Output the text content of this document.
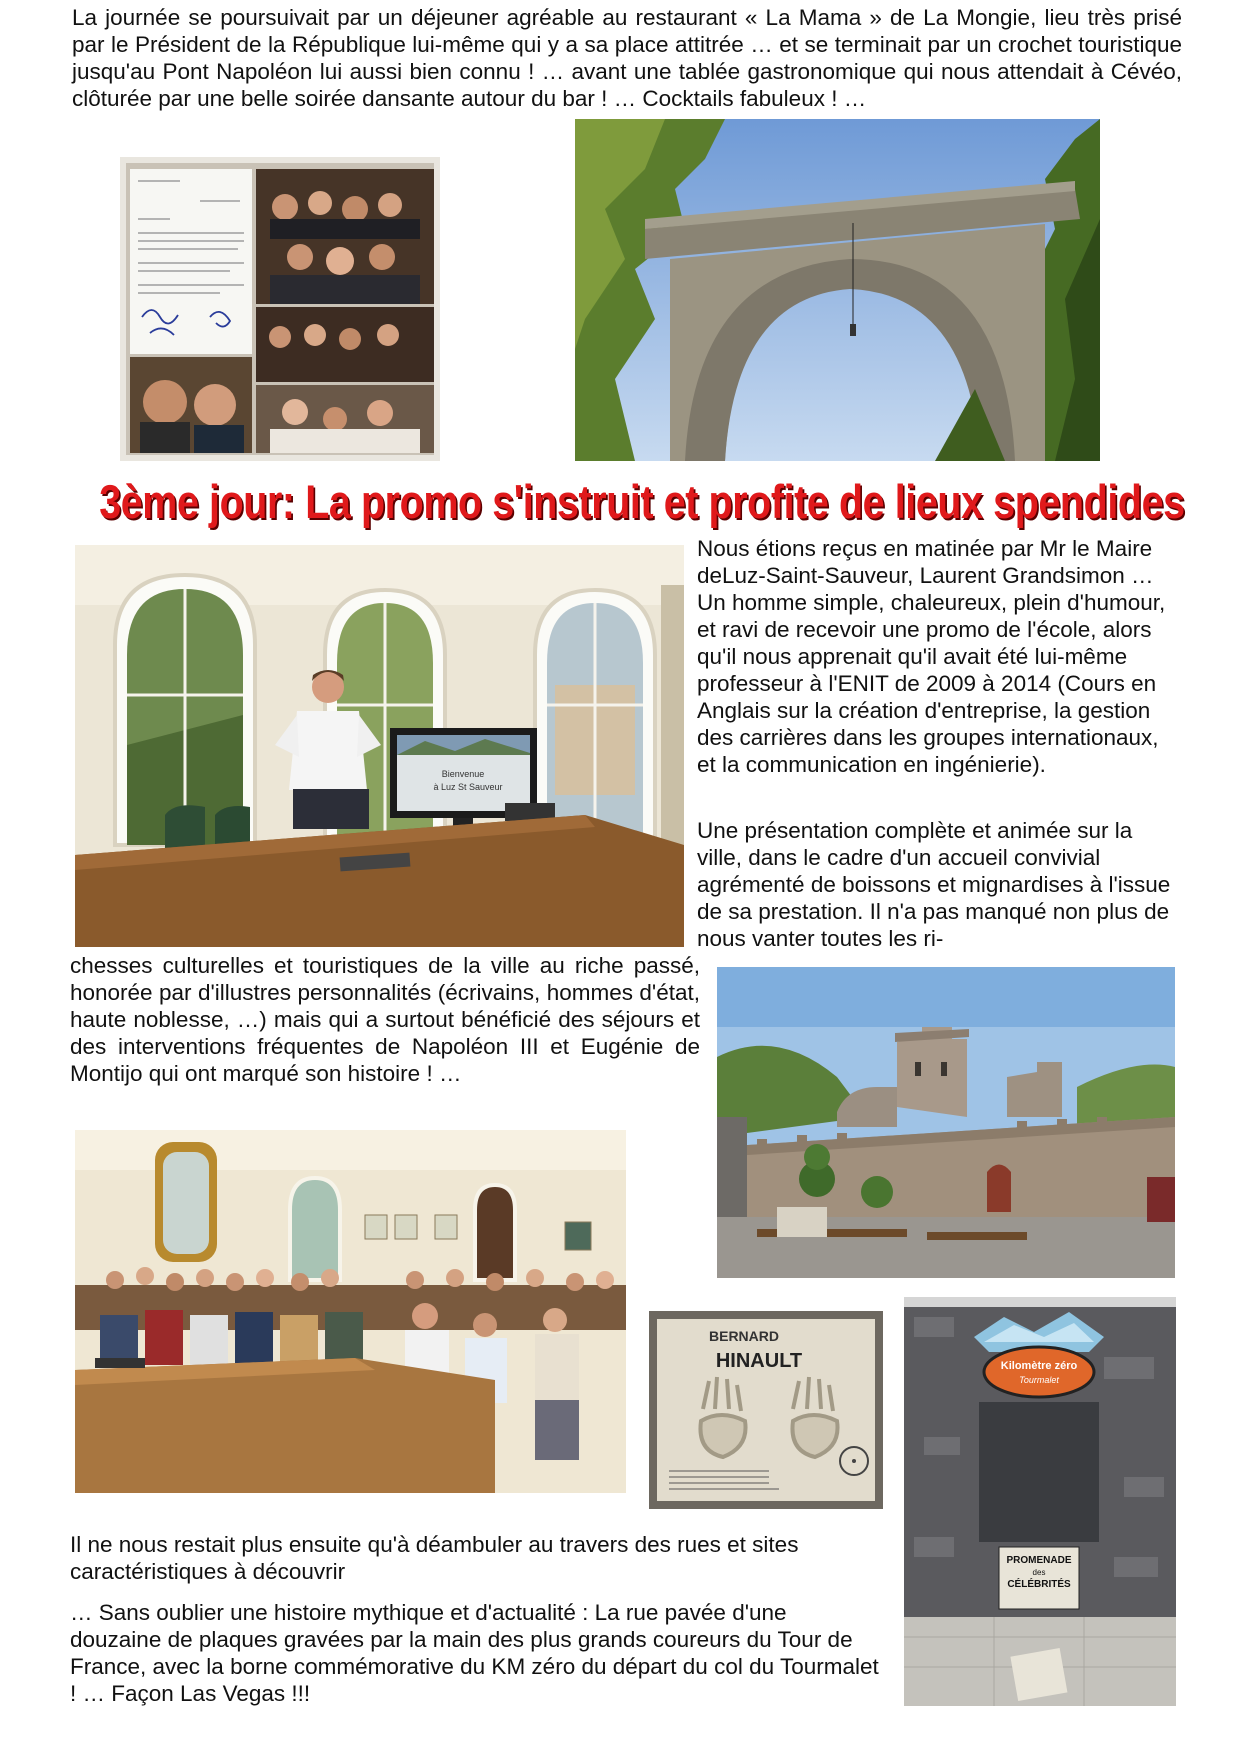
La journée se poursuivait par un déjeuner agréable au restaurant « La Mama » de La Mongie, lieu très prisé par le Président de la République lui-même qui y a sa place attitrée … et se terminait par un crochet touristique jusqu'au Pont Napoléon lui aussi bien connu ! … avant une tablée gastronomique qui nous attendait à Cévéo, clôturée par une belle soirée dansante autour du bar ! … Cocktails fabuleux ! …

3ème jour: La promo s'instruit et profite de lieux spendides
Bienvenue
à Luz St Sauveur

Nous étions reçus en matinée par Mr le Maire deLuz-Saint-Sauveur, Laurent Grandsimon … Un homme simple, chaleureux, plein d'humour, et ravi de recevoir une promo de l'école, alors qu'il nous apprenait qu'il avait été lui-même professeur à l'ENIT de 2009 à 2014 (Cours en Anglais sur la création d'entreprise, la gestion des carrières dans les groupes internationaux, et la communication en ingénierie).

Une présentation complète et animée sur la ville, dans le cadre d'un accueil convivial agrémenté de boissons et mignardises à l'issue de sa prestation. Il n'a pas manqué non plus de nous vanter toutes les ri-

chesses culturelles et touristiques de la ville au riche passé, honorée par d'illustres personnalités (écrivains, hommes d'état, haute noblesse, …) mais qui a surtout bénéficié des séjours et des interventions fréquentes de Napoléon III et Eugénie de Montijo qui ont marqué son histoire ! …

BERNARD
HINAULT	Kilomètre zéro
Tourmalet
PROMENADE
des
CÉLÉBRITÉS

Il ne nous restait plus ensuite qu'à déambuler au travers des rues et sites caractéristiques à découvrir

… Sans oublier une histoire mythique et d'actualité : La rue pavée d'une douzaine de plaques gravées par la main des plus grands coureurs du Tour de France, avec la borne commémorative du KM zéro du départ du col du Tourmalet ! … Façon Las Vegas !!!
